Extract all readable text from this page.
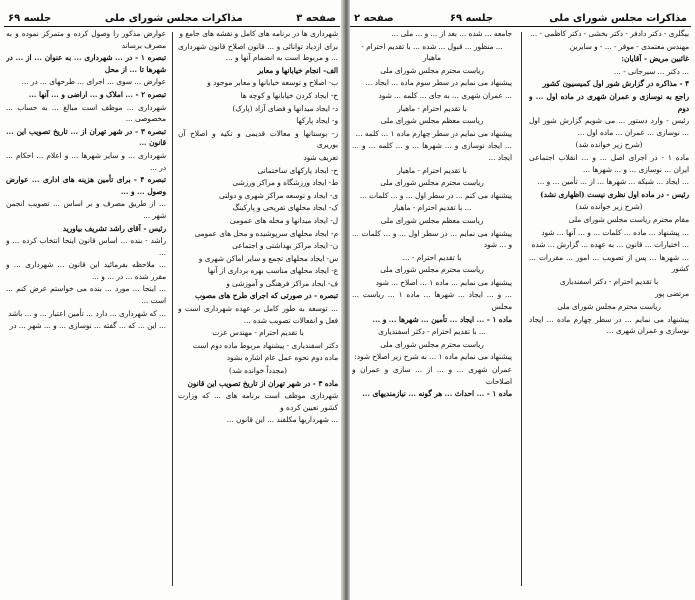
صفحه ۳
مذاکرات مجلس شورای ملی
جلسه ۶۹

شهرداری ها در برنامه های کامل و نقشه های جامع و

برای ازدیاد توانائی و ... قانون اصلاح قانون شهرداری ... و مربوط است به انضمام آنها و ...

الف- انجام خیابانها و معابر

ب- اصلاح و توسعه خیابانها و معابر موجود و

ح- ایجاد کردن خیابانها و کوچه ها

د- ایجاد میدانها و فضای آزاد (پارک)

و- ایجاد پارکها

ز- بوستانها و معالات قدیمی و تکیه و اصلاح آن بوریری

تعریف شود

ح- ایجاد پارکهای ساختمانی

ط- ایجاد ورزشگاه و مراکز ورزشی

ی- ایجاد و توسعه مراکز شهری و دولتی

ک- ایجاد محلهای تفریحی و پارکینگ

ل- ایجاد میدانها و محله های عمومی

م- ایجاد محلهای سرپوشیده و محل های عمومی

ن- ایجاد مراکز بهداشتی و اجتماعی

س- ایجاد محلهای تجمع و سایر اماکن شهری و

ع- ایجاد محلهای مناسب بهره برداری از آنها

ف- ایجاد مراکز فرهنگی و آموزشی و

تبصره - در صورتی که اجرای طرح های مصوب

... توسعه به طور کامل بر عهده شهرداری است و فعل و انفعالات تصویب شده ...

با تقدیم احترام - مهندس عزت

دکتر اسفندیاری - پیشنهاد مربوط ماده دوم است

ماده دوم نحوه عمل عام اشاره بشود

(مجدداً خوانده شد)

ماده ۳ - در شهر تهران از تاریخ تصویب این قانون

شهرداری موظف است برنامه های ... که وزارت کشور تعیین کرده و

... شهرداریها مکلفند ... این قانون ...

عوارض مذکور را وصول کرده و متمرکز نموده و به مصرف برساند

تبصره ۱ - در ... شهرداری ... به عنوان ... از ... در شهرها تا ... از محل

عوارض ... سوی ... اجرای ... طرحهای ... در ...

تبصره ۲ - ... املاک و ... اراضی و ... آنها ...

شهرداری ... موظف است مبالغ ... به حساب ... مخصوصی ...

تبصره ۳ - در شهر تهران از ... تاریخ تصویب این ... قانون ...

شهرداری ... و سایر شهرها ... و اعلام ... احکام ... در ...

تبصره ۴ - برای تأمین هزینه های اداری ... عوارض وصول ... و ...

... از طریق مصرف و بر اساس ... تصویب انجمن شهر ...

رئیس - آقای راشد تشریف بیاورید

راشد - بنده ... اساس قانون اینجا انتخاب کرده ... و ...

... ملاحظه بفرمائید این قانون ... شهرداری ... و مقرر شده ... در ... و ...

... اینجا ... مورد ... بنده می خواستم عرض کنم ... است ...

... که شهرداری ... دارد ... تأمین اعتبار ... و ... باشد

... این ... که ... گفته ... نوسازی ... و ... شهر ... در

مذاکرات مجلس شورای ملی
جلسه ۶۹
صفحه ۲

بیگلری - دکتر دادفر - دکتر بخشی - دکتر کاظمی - ...

مهندس معتمدی - موقر - ... - و سایرین

غائبین مریض - آقایان:

... دکتر ... سیرجانی - ...

۴ - مذاکره در گزارش شور اول کمیسیون کشور

راجع به نوسازی و عمران شهری در ماده اول ... و دوم

رئیس - وارد دستور ... می شویم گزارش شور اول ... نوسازی ... عمران ... ماده اول ...

(شرح زیر خوانده شد)

ماده ۱ - در اجرای اصل ... و ... انقلاب اجتماعی ایران ... نوسازی ... و ... شهرها ...

... ایجاد ... شبکه ... شهرها ... از ... تأمین ... و ...

رئیس - در ماده اول نظری نیست (اظهاری نشد)

(شرح زیر خوانده شد)

مقام محترم ریاست مجلس شورای ملی

... پیشنهاد ... ماده ... کلمات ... و ... آنها ... شود

... اختیارات ... قانون ... به عهده ... گزارش ... شده

... شهرها ... پس از تصویب ... امور ... مقررات ... کشور

با تقدیم احترام - دکتر اسفندیاری

مرتضی پور

ریاست محترم مجلس شورای ملی

پیشنهاد می نمایم ... در سطر چهارم ماده ... ایجاد نوسازی و عمران شهری ...

جامعه ... شده ... بعد از ... و ... ملی ...

... منظور ... قبول ... شده ... با تقدیم احترام - ماهیار

ریاست محترم مجلس شورای ملی

پیشنهاد می نمایم در سطر سوم ماده ... ایجاد ...

... عمران شهری ... به جای ... کلمه ... شود

با تقدیم احترام - ماهیار

ریاست معظم مجلس شورای ملی

پیشنهاد می نمایم در سطر چهارم ماده ۱ ... کلمه ...

... ایجاد نوسازی و ... شهرها ... و ... کلمه ... و ... ایجاد ...

با تقدیم احترام - ماهیار

ریاست محترم مجلس شورای ملی

پیشنهاد می کنم ... در سطر اول ... و ... کلمات ...

... با تقدیم احترام - ماهیار

ریاست معظم مجلس شورای ملی

پیشنهاد می نمایم ... در سطر اول ... و ... کلمات ... و ... شود

با تقدیم احترام - ...

ریاست محترم مجلس شورای ملی

پیشنهاد می نمایم ... ماده ۱ ... اصلاح ... شود

... و ... ایجاد ... شهرها ... ماده ۱ ... ریاست ... مجلس

ماده ۱ - ... ایجاد ... تأمین ... شهرها ... و ...

... با تقدیم احترام - دکتر اسفندیاری

ریاست محترم مجلس شورای ملی

پیشنهاد می نمایم ماده ۱ ... به شرح زیر اصلاح شود:

عمران شهری ... و ... از ... سازی و عمران و اصلاحات

ماده ۱ - ... احداث ... هر گونه ... نیازمندیهای ...
